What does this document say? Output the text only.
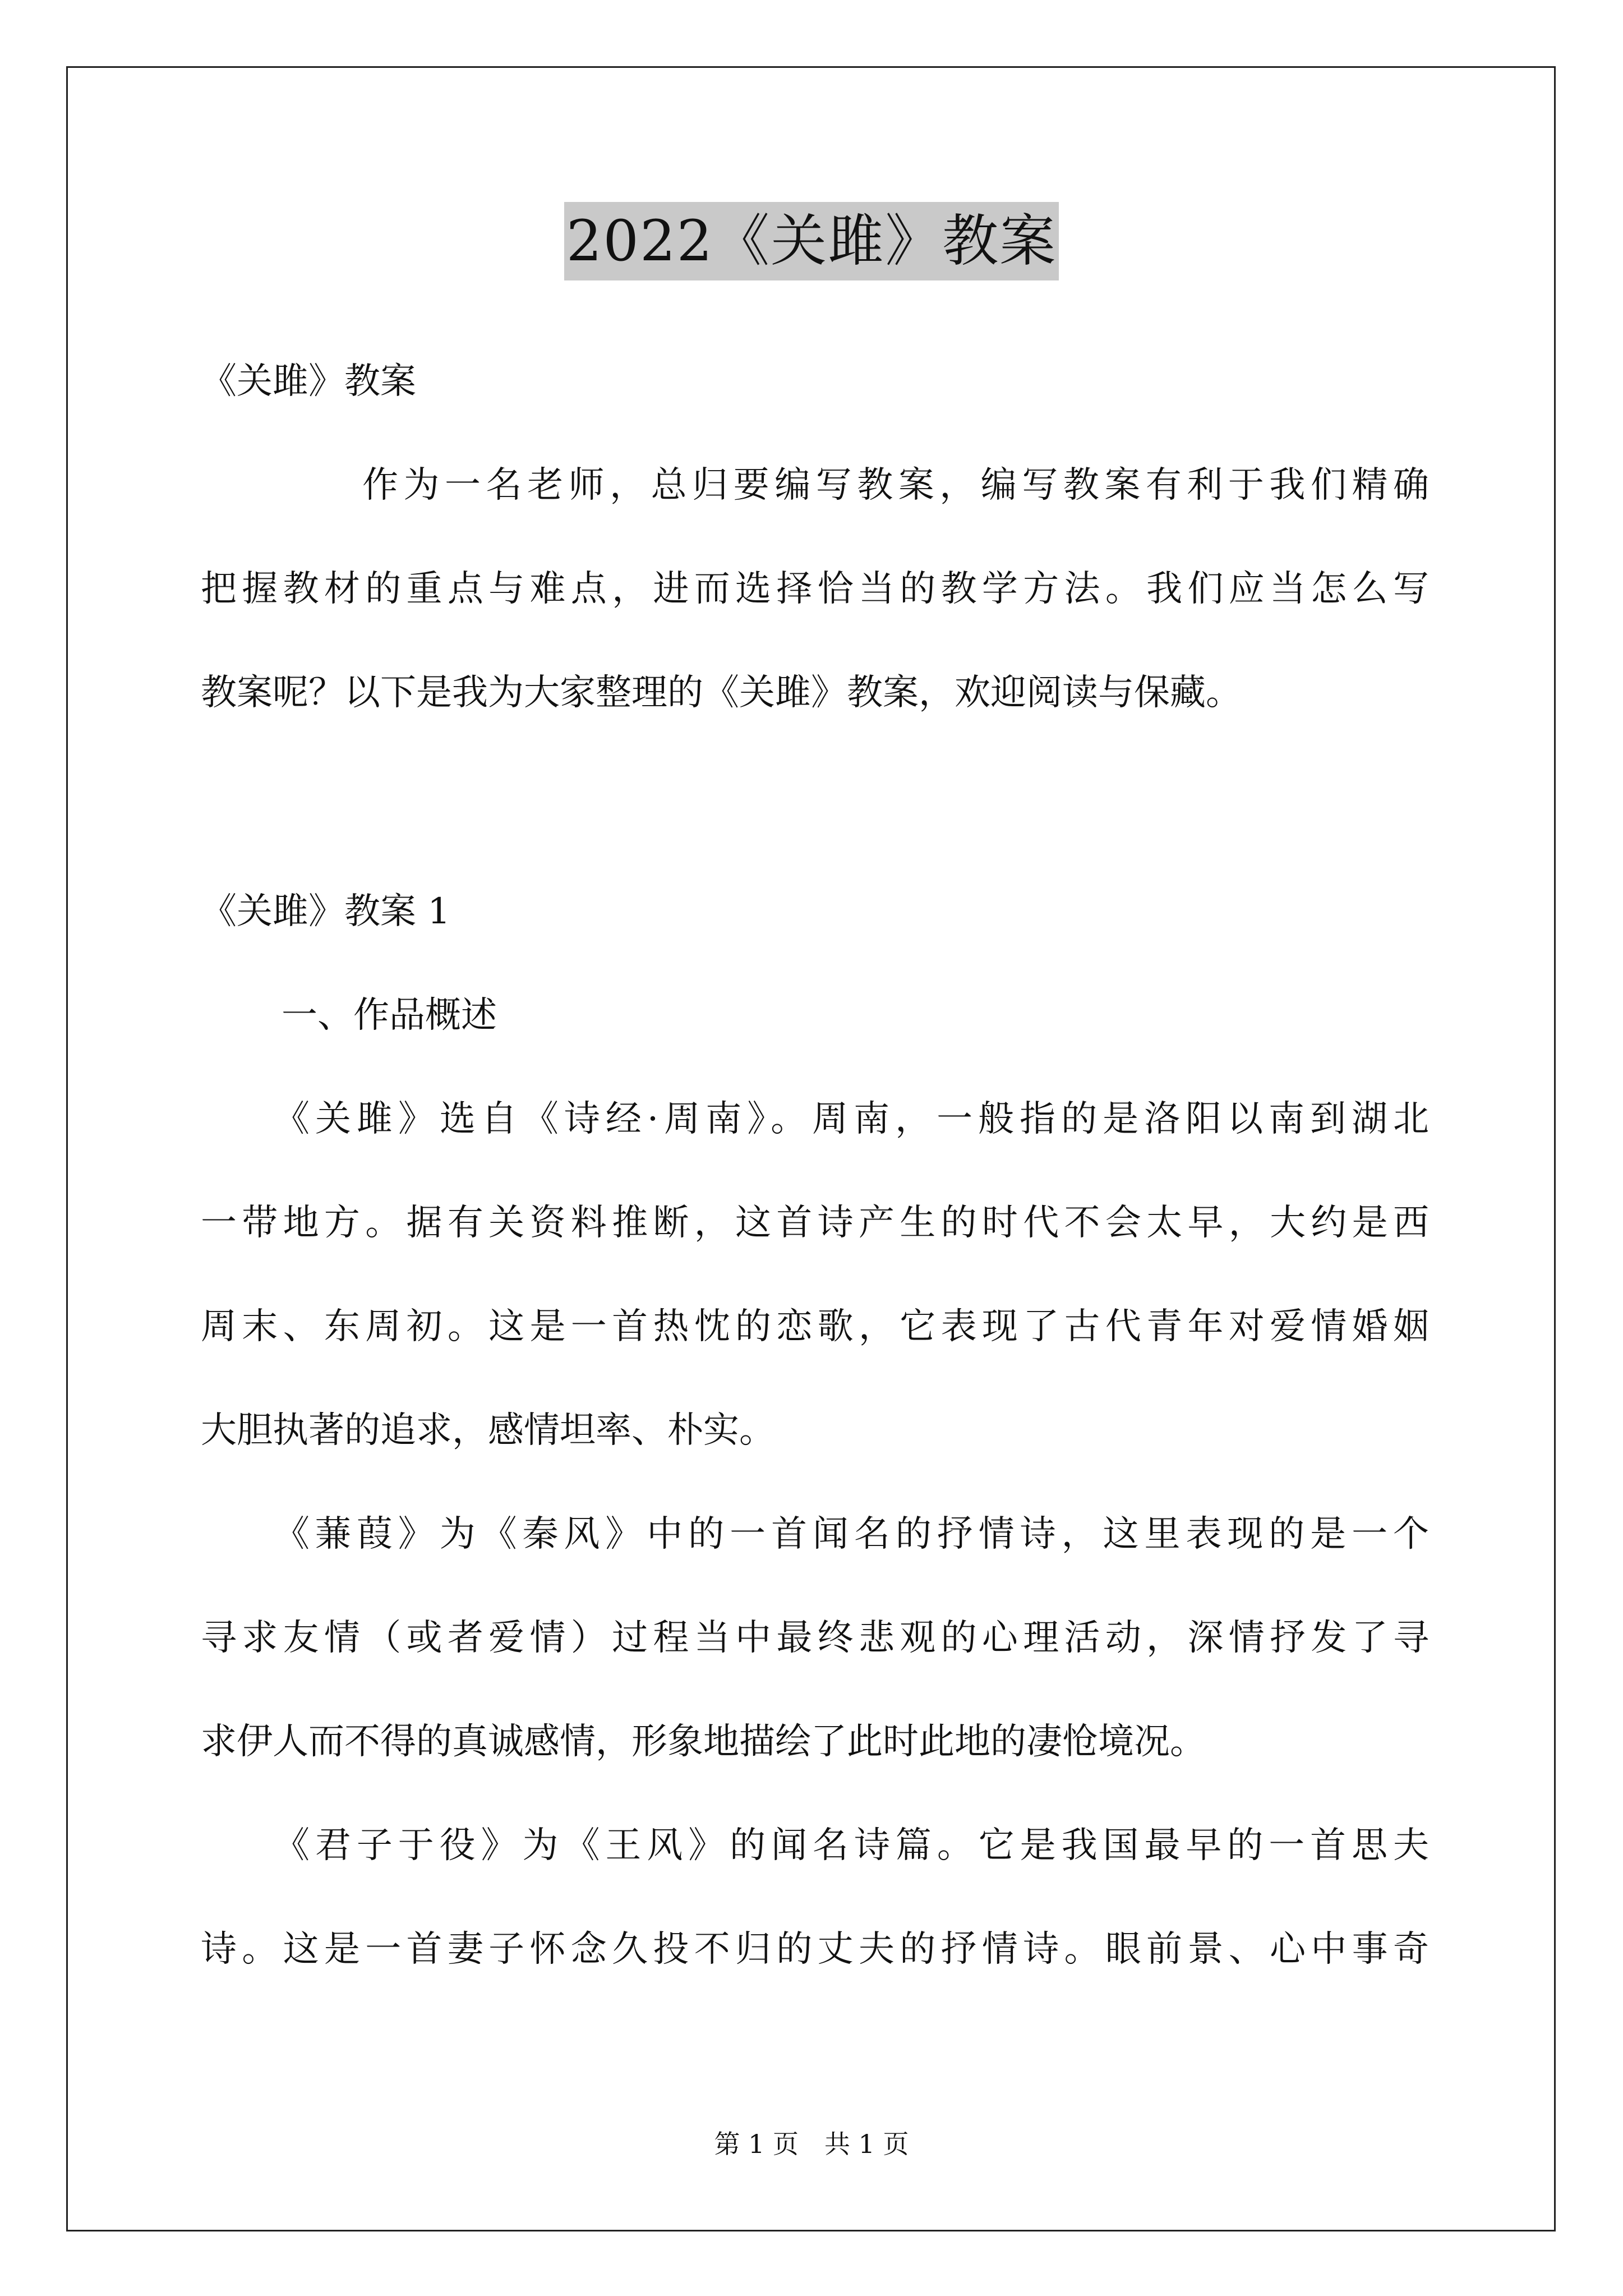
2022《关雎》教案
《关雎》教案
作为一名老师，总归要编写教案，编写教案有利于我们精确
把握教材的重点与难点，进而选择恰当的教学方法。我们应当怎么写
教案呢？以下是我为大家整理的《关雎》教案，欢迎阅读与保藏。
《关雎》教案 1
一、作品概述
《关雎》选自《诗经·周南》。周南，一般指的是洛阳以南到湖北
一带地方。据有关资料推断，这首诗产生的时代不会太早，大约是西
周末、东周初。这是一首热忱的恋歌，它表现了古代青年对爱情婚姻
大胆执著的追求，感情坦率、朴实。
《蒹葭》为《秦风》中的一首闻名的抒情诗，这里表现的是一个
寻求友情（或者爱情）过程当中最终悲观的心理活动，深情抒发了寻
求伊人而不得的真诚感情，形象地描绘了此时此地的凄怆境况。
《君子于役》为《王风》的闻名诗篇。它是我国最早的一首思夫
诗。这是一首妻子怀念久投不归的丈夫的抒情诗。眼前景、心中事奇
第 1 页　共 1 页
